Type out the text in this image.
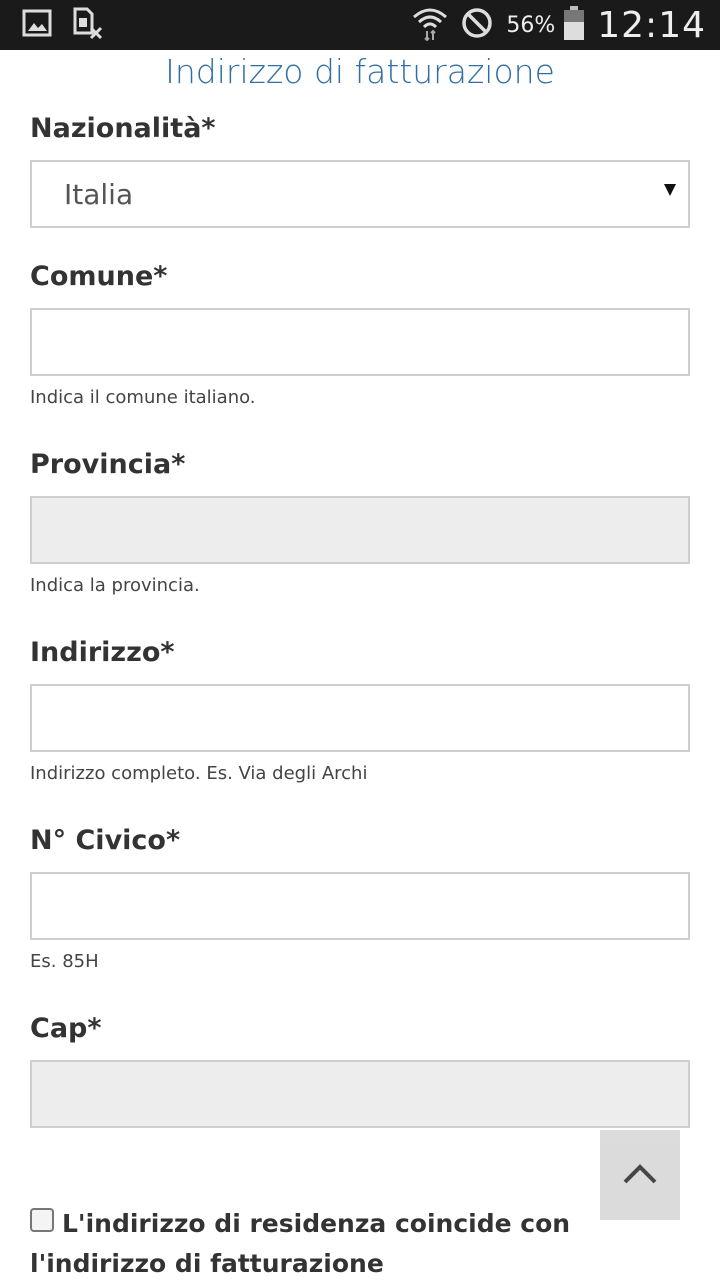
56% 12:14
Indirizzo di fatturazione
Nazionalità*
Italia
Comune*
Indica il comune italiano.
Provincia*
Indica la provincia.
Indirizzo*
Indirizzo completo. Es. Via degli Archi
N° Civico*
Es. 85H
Cap*
L'indirizzo di residenza coincide con l'indirizzo di fatturazione
